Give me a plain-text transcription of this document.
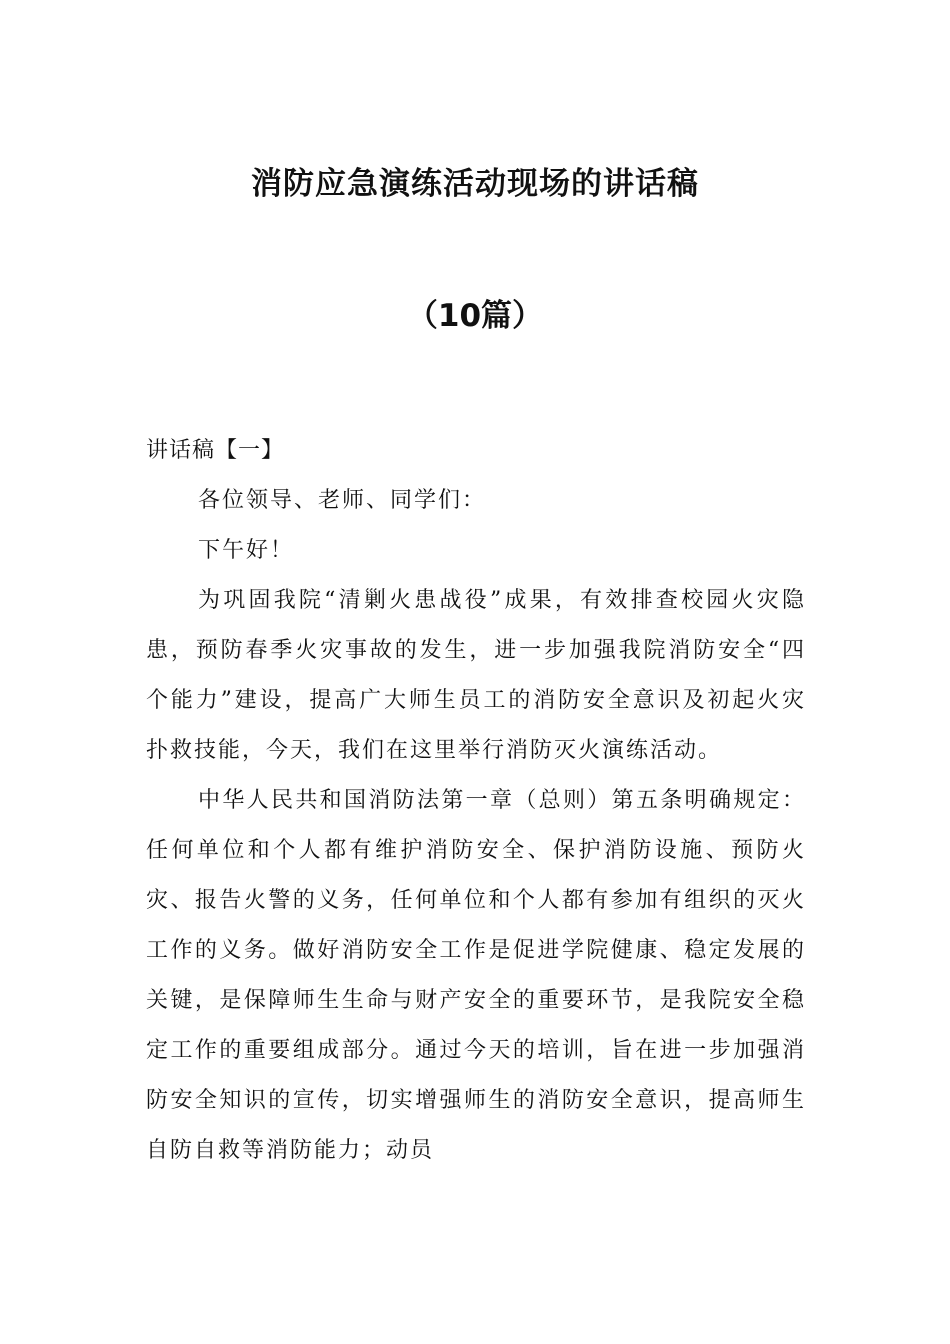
消防应急演练活动现场的讲话稿
（10篇）

讲话稿【一】

各位领导、老师、同学们：

下午好！

为巩固我院“清剿火患战役”成果，有效排查校园火灾隐患，预防春季火灾事故的发生，进一步加强我院消防安全“四个能力”建设，提高广大师生员工的消防安全意识及初起火灾扑救技能，今天，我们在这里举行消防灭火演练活动。

中华人民共和国消防法第一章（总则）第五条明确规定：任何单位和个人都有维护消防安全、保护消防设施、预防火灾、报告火警的义务，任何单位和个人都有参加有组织的灭火工作的义务。做好消防安全工作是促进学院健康、稳定发展的关键，是保障师生生命与财产安全的重要环节，是我院安全稳定工作的重要组成部分。通过今天的培训，旨在进一步加强消防安全知识的宣传，切实增强师生的消防安全意识，提高师生自防自救等消防能力；动员
